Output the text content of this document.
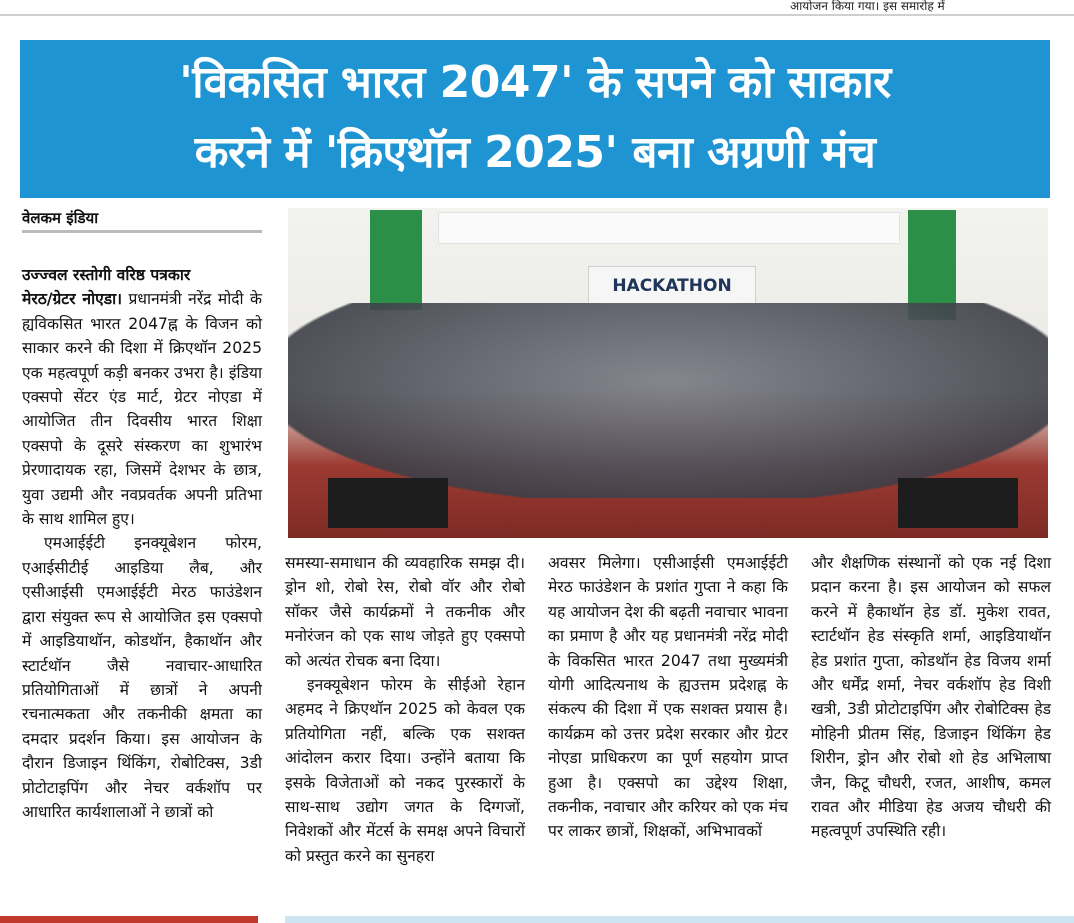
आयोजन किया गया। इस समारोह में
'विकसित भारत 2047' के सपने को साकार
करने में 'क्रिएथॉन 2025' बना अग्रणी मंच
वेलकम इंडिया
HACKATHON

उज्ज्वल रस्तोगी वरिष्ठ पत्रकार

मेरठ/ग्रेटर नोएडा। प्रधानमंत्री नरेंद्र मोदी के ह्यविकसित भारत 2047ह्न के विजन को साकार करने की दिशा में क्रिएथॉन 2025 एक महत्वपूर्ण कड़ी बनकर उभरा है। इंडिया एक्सपो सेंटर एंड मार्ट, ग्रेटर नोएडा में आयोजित तीन दिवसीय भारत शिक्षा एक्सपो के दूसरे संस्करण का शुभारंभ प्रेरणादायक रहा, जिसमें देशभर के छात्र, युवा उद्यमी और नवप्रवर्तक अपनी प्रतिभा के साथ शामिल हुए।

एमआईईटी इनक्यूबेशन फोरम, एआईसीटीई आइडिया लैब, और एसीआईसी एमआईईटी मेरठ फाउंडेशन द्वारा संयुक्त रूप से आयोजित इस एक्सपो में आइडियाथॉन, कोडथॉन, हैकाथॉन और स्टार्टथॉन जैसे नवाचार-आधारित प्रतियोगिताओं में छात्रों ने अपनी रचनात्मकता और तकनीकी क्षमता का दमदार प्रदर्शन किया। इस आयोजन के दौरान डिजाइन थिंकिंग, रोबोटिक्स, 3डी प्रोटोटाइपिंग और नेचर वर्कशॉप पर आधारित कार्यशालाओं ने छात्रों को

समस्या-समाधान की व्यवहारिक समझ दी। ड्रोन शो, रोबो रेस, रोबो वॉर और रोबो सॉकर जैसे कार्यक्रमों ने तकनीक और मनोरंजन को एक साथ जोड़ते हुए एक्सपो को अत्यंत रोचक बना दिया।

इनक्यूबेशन फोरम के सीईओ रेहान अहमद ने क्रिएथॉन 2025 को केवल एक प्रतियोगिता नहीं, बल्कि एक सशक्त आंदोलन करार दिया। उन्होंने बताया कि इसके विजेताओं को नकद पुरस्कारों के साथ-साथ उद्योग जगत के दिग्गजों, निवेशकों और मेंटर्स के समक्ष अपने विचारों को प्रस्तुत करने का सुनहरा

अवसर मिलेगा। एसीआईसी एमआईईटी मेरठ फाउंडेशन के प्रशांत गुप्ता ने कहा कि यह आयोजन देश की बढ़ती नवाचार भावना का प्रमाण है और यह प्रधानमंत्री नरेंद्र मोदी के विकसित भारत 2047 तथा मुख्यमंत्री योगी आदित्यनाथ के ह्यउत्तम प्रदेशह्न के संकल्प की दिशा में एक सशक्त प्रयास है। कार्यक्रम को उत्तर प्रदेश सरकार और ग्रेटर नोएडा प्राधिकरण का पूर्ण सहयोग प्राप्त हुआ है। एक्सपो का उद्देश्य शिक्षा, तकनीक, नवाचार और करियर को एक मंच पर लाकर छात्रों, शिक्षकों, अभिभावकों

और शैक्षणिक संस्थानों को एक नई दिशा प्रदान करना है। इस आयोजन को सफल करने में हैकाथॉन हेड डॉ. मुकेश रावत, स्टार्टथॉन हेड संस्कृति शर्मा, आइडियाथॉन हेड प्रशांत गुप्ता, कोडथॉन हेड विजय शर्मा और धर्मेंद्र शर्मा, नेचर वर्कशॉप हेड विशी खत्री, 3डी प्रोटोटाइपिंग और रोबोटिक्स हेड मोहिनी प्रीतम सिंह, डिजाइन थिंकिंग हेड शिरीन, ड्रोन और रोबो शो हेड अभिलाषा जैन, किटू चौधरी, रजत, आशीष, कमल रावत और मीडिया हेड अजय चौधरी की महत्वपूर्ण उपस्थिति रही।
